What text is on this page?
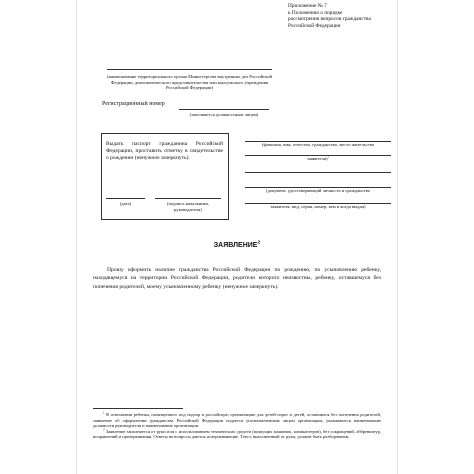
Приложение № 7
к Положению о порядке
рассмотрения вопросов гражданства
Российской Федерации
(наименование территориального органа Министерства внутренних дел Российской Федерации, дипломатического представительства или консульского учреждения Российской Федерации)
Регистрационный номер
(заполняется должностным лицом)
Выдать паспорт гражданина Российской Федерации, проставить отметку в свидетельстве о рождении (ненужное зачеркнуть).
(дата)	(подпись начальника, руководителя)
(фамилия, имя, отчество, гражданство, место жительства
заявителя)$^1$
(документ, удостоверяющий личность и гражданство
заявителя, вид, серия, номер, кем и когда выдан)
ЗАЯВЛЕНИЕ$^2$
Прошу оформить наличие гражданства Российской Федерации по рождению, по усыновлению ребенку, находящемуся на территории Российской Федерации, родители которого неизвестны, ребенку, оставшемуся без попечения родителей, моему усыновленному ребенку (ненужное зачеркнуть).
$^1$ В отношении ребенка, помещенного под надзор в российскую организацию для детей-сирот и детей, оставшихся без попечения родителей, заявление об оформлении гражданства Российской Федерации подается уполномоченным лицом организации, указываются наименование должности руководителя и наименование организации.
$^2$ Заявление заполняется от руки или с использованием технических средств (пишущих машинок, компьютеров), без сокращений, аббревиатур, исправлений и прочеркивания. Ответы на вопросы даются исчерпывающие. Текст, выполненный от руки, должен быть разборчивым.
